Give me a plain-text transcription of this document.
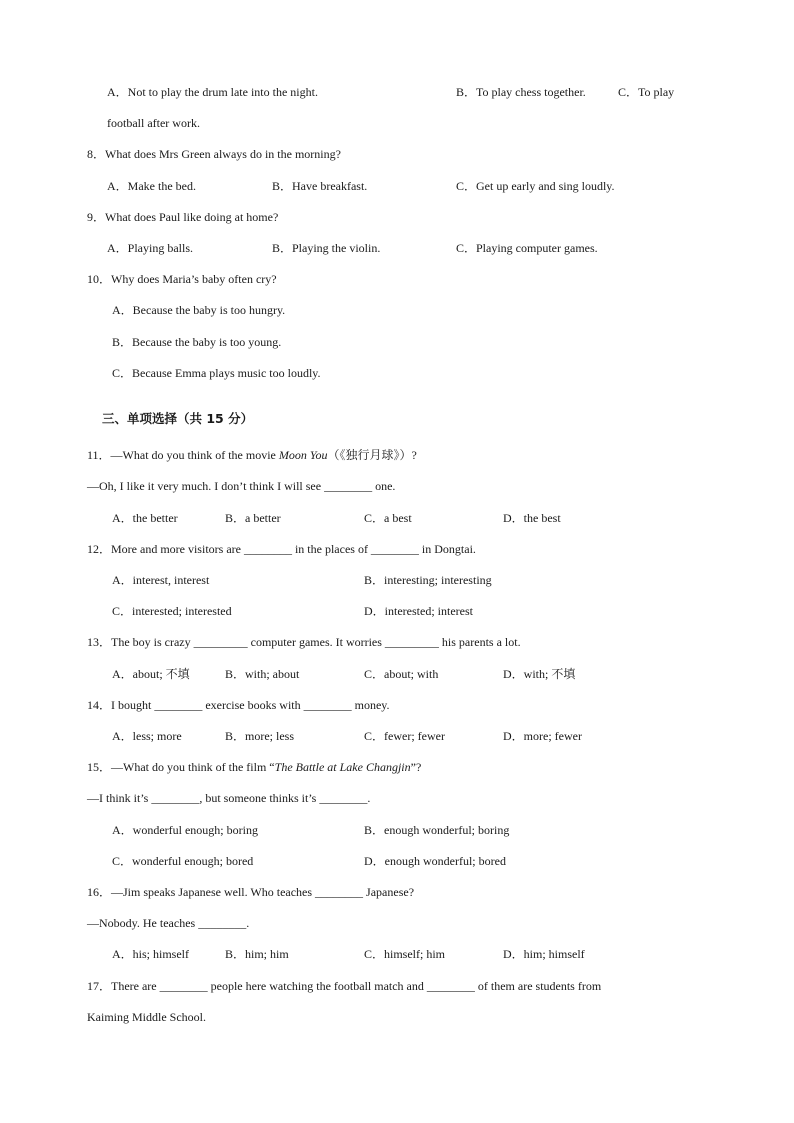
A．Not to play the drum late into the night.	B．To play chess together.	C．To play
football after work.
8．What does Mrs Green always do in the morning?
A．Make the bed.	B．Have breakfast.	C．Get up early and sing loudly.
9．What does Paul like doing at home?
A．Playing balls.	B．Playing the violin.	C．Playing computer games.
10．Why does Maria’s baby often cry?
A．Because the baby is too hungry.
B．Because the baby is too young.
C．Because Emma plays music too loudly.
三、单项选择（共 15 分）
11．—What do you think of the movie Moon You（《独行月球》）?
—Oh, I like it very much. I don’t think I will see ________ one.
A．the better	B．a better	C．a best	D．the best
12．More and more visitors are ________ in the places of ________ in Dongtai.
A．interest, interest	B．interesting; interesting
C．interested; interested	D．interested; interest
13．The boy is crazy _________ computer games. It worries _________ his parents a lot.
A．about; 不填	B．with; about	C．about; with	D．with; 不填
14．I bought ________ exercise books with ________ money.
A．less; more	B．more; less	C．fewer; fewer	D．more; fewer
15．—What do you think of the film “The Battle at Lake Changjin”?
—I think it’s ________, but someone thinks it’s ________.
A．wonderful enough; boring	B．enough wonderful; boring
C．wonderful enough; bored	D．enough wonderful; bored
16．—Jim speaks Japanese well. Who teaches ________ Japanese?
—Nobody. He teaches ________.
A．his; himself	B．him; him	C．himself; him	D．him; himself
17．There are ________ people here watching the football match and ________ of them are students from
Kaiming Middle School.
